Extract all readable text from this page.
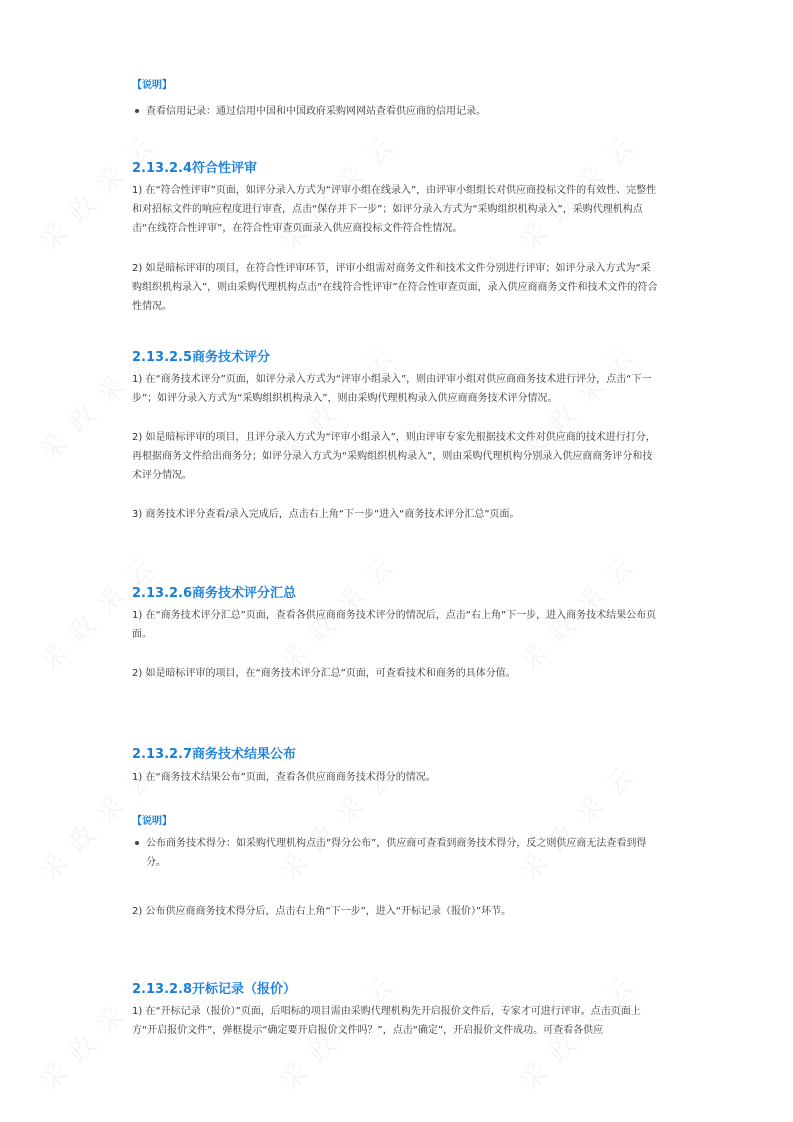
【说明】
查看信用记录：通过信用中国和中国政府采购网网站查看供应商的信用记录。
2.13.2.4符合性评审

1) 在“符合性评审”页面，如评分录入方式为“评审小组在线录入”，由评审小组组长对供应商投标文件的有效性、完整性和对招标文件的响应程度进行审查，点击“保存并下一步”；如评分录入方式为“采购组织机构录入”，采购代理机构点击“在线符合性评审”，在符合性审查页面录入供应商投标文件符合性情况。

2) 如是暗标评审的项目，在符合性评审环节，评审小组需对商务文件和技术文件分别进行评审；如评分录入方式为“采购组织机构录入”，则由采购代理机构点击“在线符合性评审”在符合性审查页面，录入供应商商务文件和技术文件的符合性情况。

2.13.2.5商务技术评分

1) 在“商务技术评分”页面，如评分录入方式为“评审小组录入”，则由评审小组对供应商商务技术进行评分，点击“下一步”；如评分录入方式为“采购组织机构录入”，则由采购代理机构录入供应商商务技术评分情况。

2) 如是暗标评审的项目，且评分录入方式为“评审小组录入”，则由评审专家先根据技术文件对供应商的技术进行打分，再根据商务文件给出商务分；如评分录入方式为“采购组织机构录入”，则由采购代理机构分别录入供应商商务评分和技术评分情况。

3) 商务技术评分查看/录入完成后，点击右上角“下一步”进入“商务技术评分汇总”页面。

2.13.2.6商务技术评分汇总

1) 在“商务技术评分汇总”页面，查看各供应商商务技术评分的情况后，点击“右上角”下一步，进入商务技术结果公布页面。

2) 如是暗标评审的项目，在“商务技术评分汇总”页面，可查看技术和商务的具体分值。

2.13.2.7商务技术结果公布

1) 在“商务技术结果公布”页面，查看各供应商商务技术得分的情况。

【说明】
公布商务技术得分：如采购代理机构点击”得分公布”，供应商可查看到商务技术得分，反之则供应商无法查看到得分。

2) 公布供应商商务技术得分后，点击右上角“下一步”，进入“开标记录（报价）”环节。

2.13.2.8开标记录（报价）

1) 在“开标记录（报价）”页面，后唱标的项目需由采购代理机构先开启报价文件后，专家才可进行评审。点击页面上方“开启报价文件”，弹框提示“确定要开启报价文件吗？”，点击“确定”，开启报价文件成功。可查看各供应
